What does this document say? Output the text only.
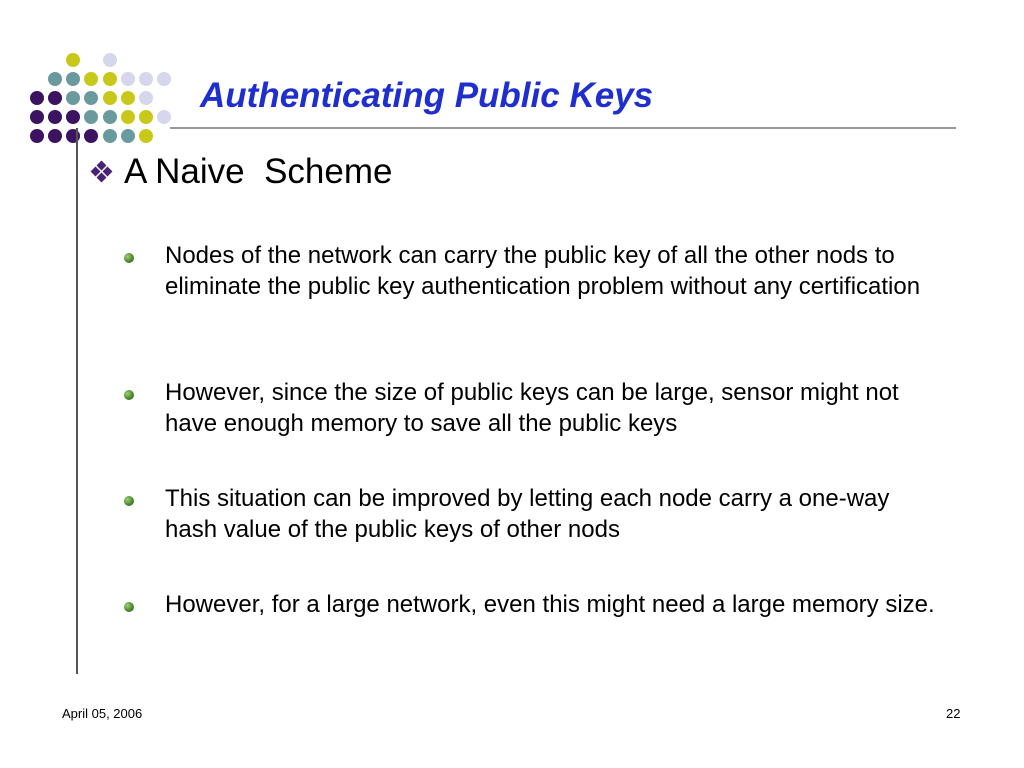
Authenticating Public Keys
A Naive  Scheme
Nodes of the network can carry the public key of all the other nods to eliminate the public key authentication problem without any certification
However, since the size of public keys can be large, sensor might not have enough memory to save all the public keys
This situation can be improved by letting each node carry a one-way hash value of the public keys of other nods
However, for a large network, even this might need a large memory size.
April 05, 2006	22
